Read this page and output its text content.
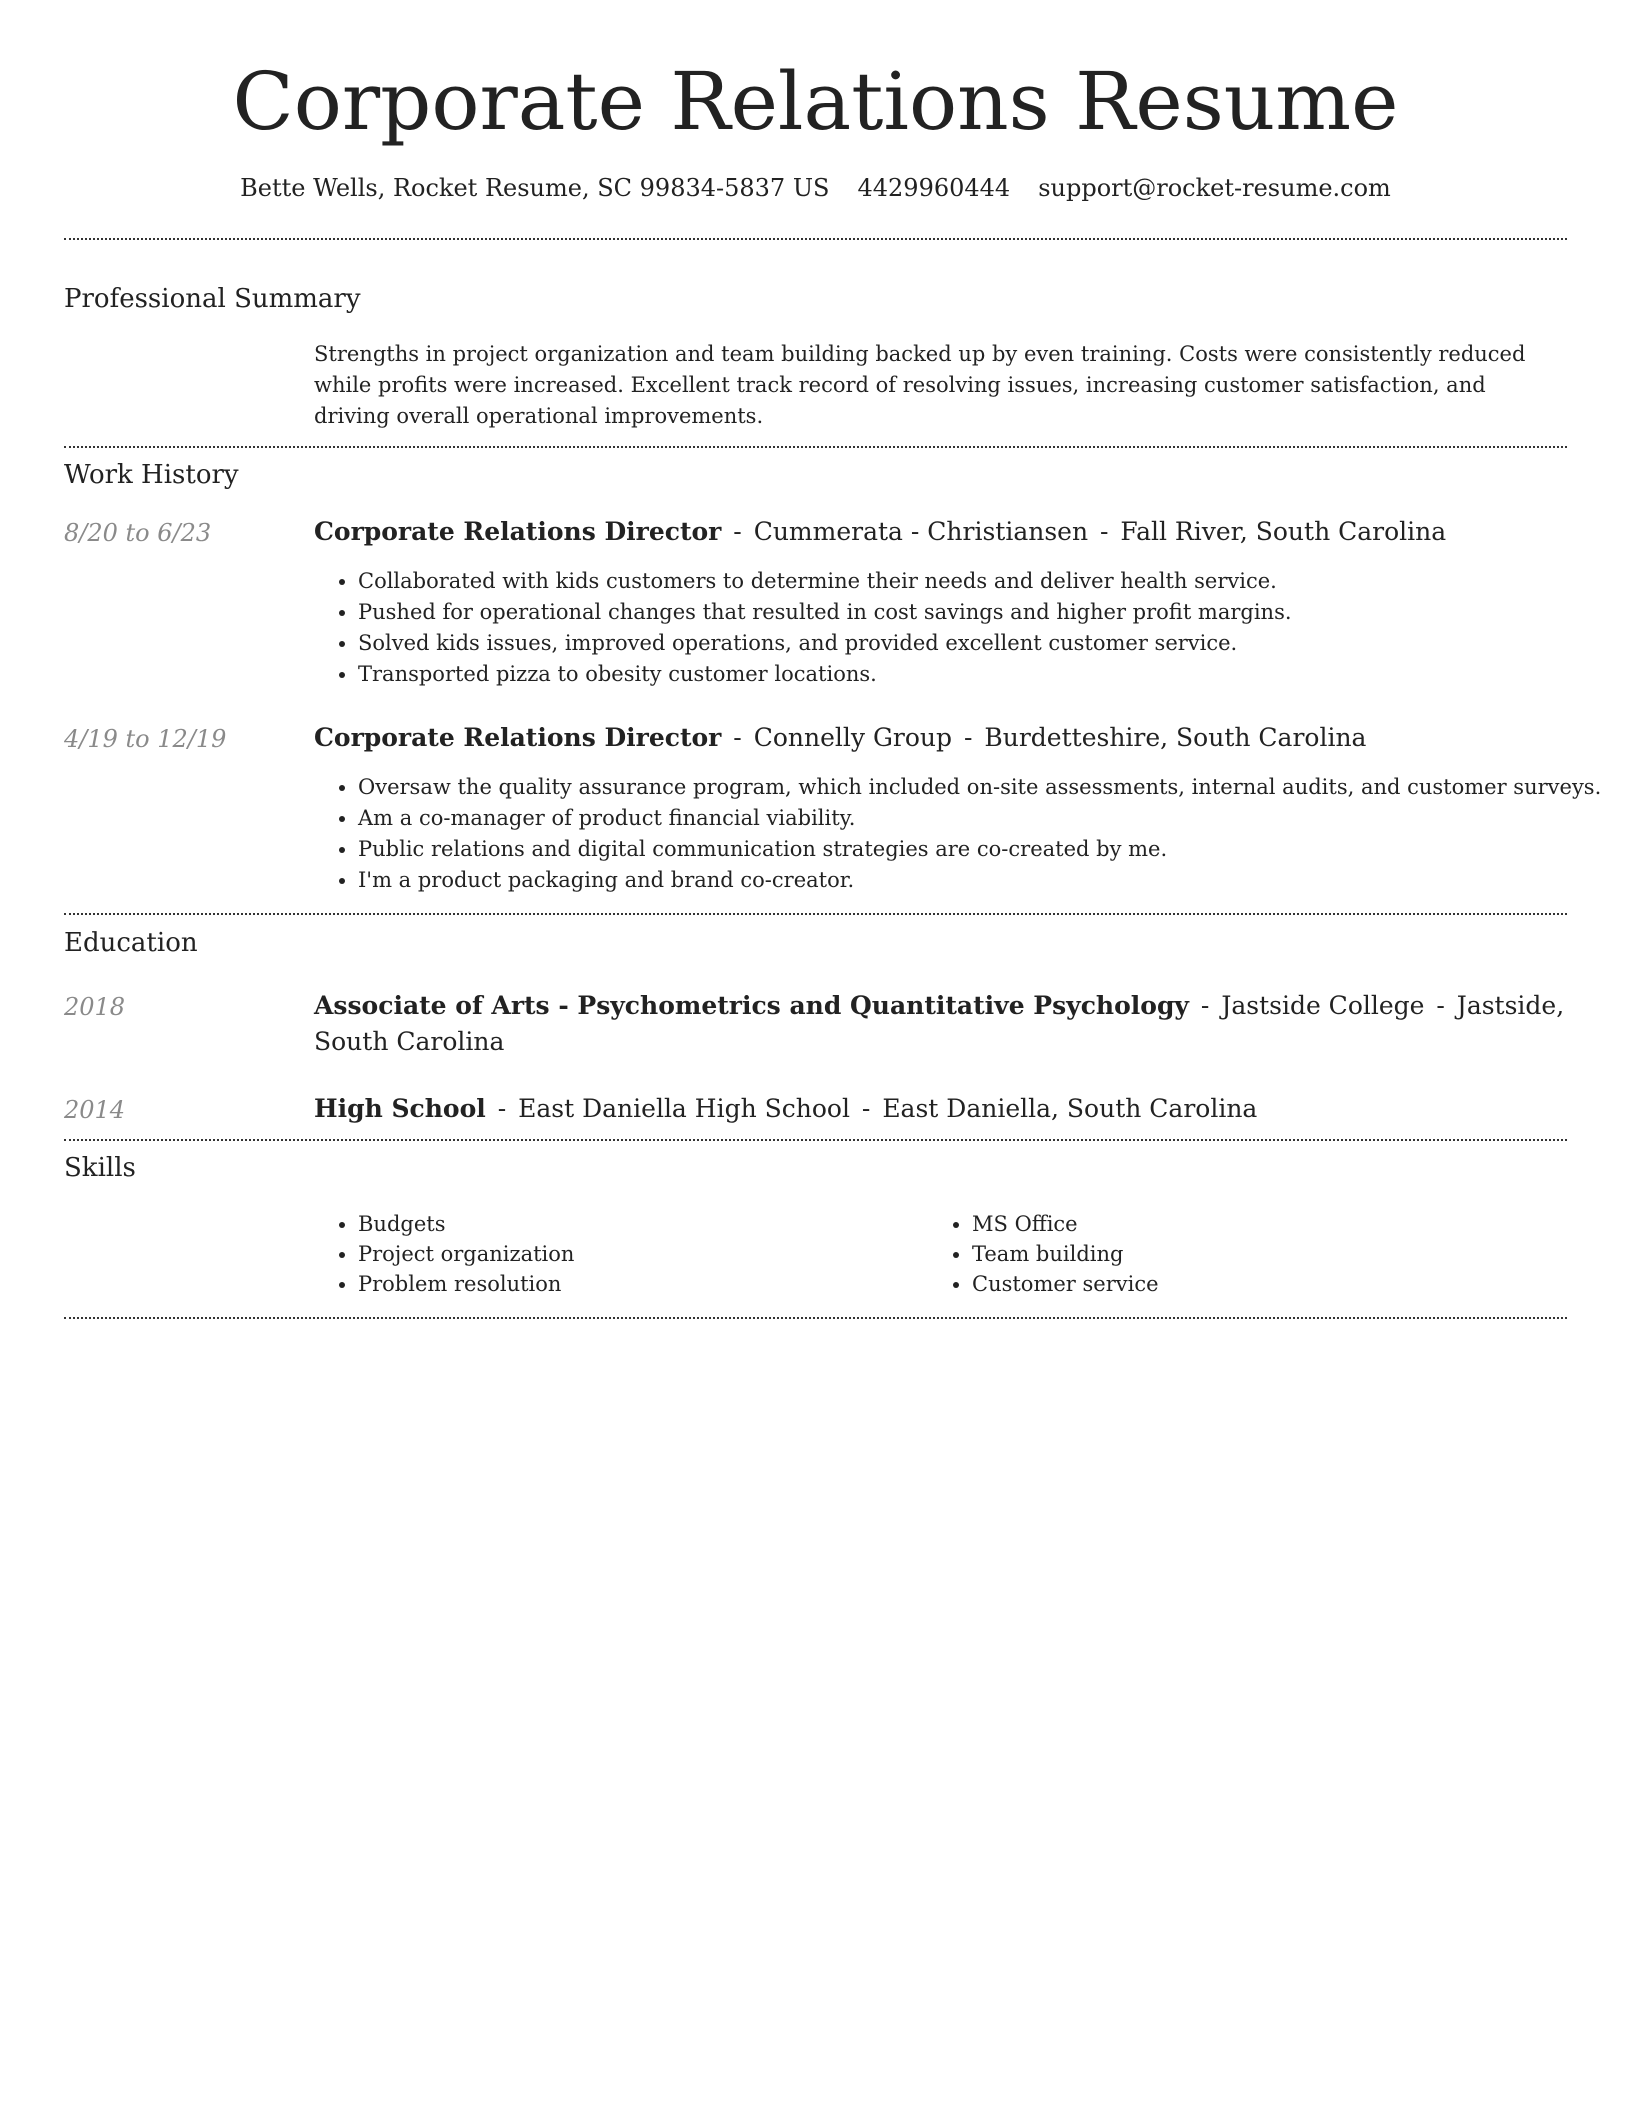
Corporate Relations Resume
Bette Wells, Rocket Resume, SC 99834-5837 US 4429960444 support@rocket-resume.com
Professional Summary
Strengths in project organization and team building backed up by even training. Costs were consistently reduced while profits were increased. Excellent track record of resolving issues, increasing customer satisfaction, and driving overall operational improvements.
Work History
8/20 to 6/23	Corporate Relations Director - Cummerata - Christiansen - Fall River, South Carolina
• Collaborated with kids customers to determine their needs and deliver health service.
• Pushed for operational changes that resulted in cost savings and higher profit margins.
• Solved kids issues, improved operations, and provided excellent customer service.
• Transported pizza to obesity customer locations.
4/19 to 12/19	Corporate Relations Director - Connelly Group - Burdetteshire, South Carolina
• Oversaw the quality assurance program, which included on-site assessments, internal audits, and customer surveys.
• Am a co-manager of product financial viability.
• Public relations and digital communication strategies are co-created by me.
• I'm a product packaging and brand co-creator.
Education
2018	Associate of Arts - Psychometrics and Quantitative Psychology - Jastside College - Jastside, South Carolina
2014	High School - East Daniella High School - East Daniella, South Carolina
Skills
• Budgets
• Project organization
• Problem resolution
• MS Office
• Team building
• Customer service
